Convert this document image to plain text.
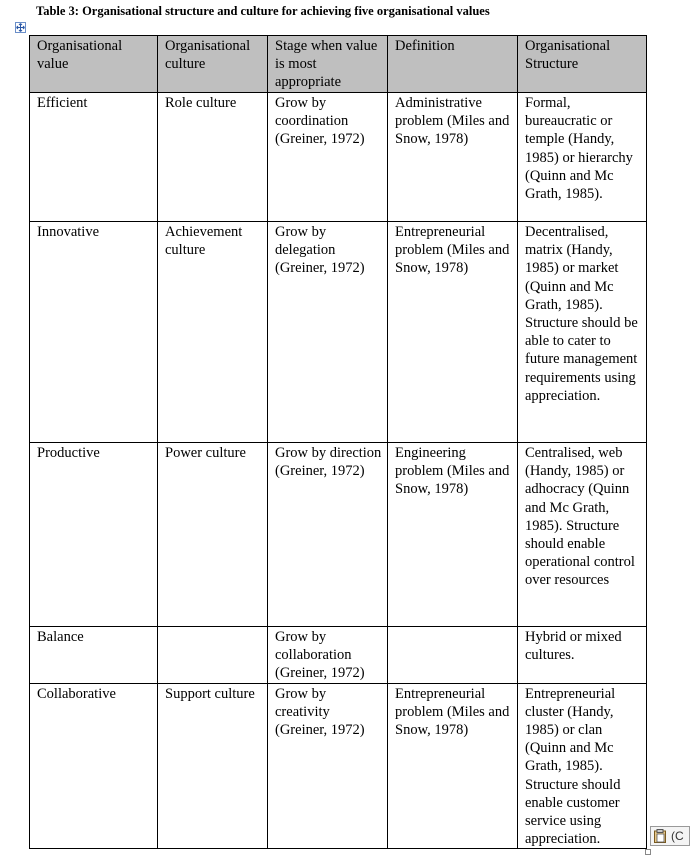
Table 3: Organisational structure and culture for achieving five organisational values
Organisational value	Organisational culture	Stage when value is most appropriate	Definition	Organisational Structure
Efficient	Role culture	Grow by coordination (Greiner, 1972)	Administrative problem (Miles and Snow, 1978)	Formal, bureaucratic or temple (Handy, 1985) or hierarchy (Quinn and Mc Grath, 1985).
Innovative	Achievement culture	Grow by delegation (Greiner, 1972)	Entrepreneurial problem (Miles and Snow, 1978)	Decentralised, matrix (Handy, 1985) or market (Quinn and Mc Grath, 1985). Structure should be able to cater to future management requirements using appreciation.
Productive	Power culture	Grow by direction (Greiner, 1972)	Engineering problem (Miles and Snow, 1978)	Centralised, web (Handy, 1985) or adhocracy (Quinn and Mc Grath, 1985). Structure should enable operational control over resources
Balance		Grow by collaboration (Greiner, 1972)		Hybrid or mixed cultures.
Collaborative	Support culture	Grow by creativity (Greiner, 1972)	Entrepreneurial problem (Miles and Snow, 1978)	Entrepreneurial cluster (Handy, 1985) or clan (Quinn and Mc Grath, 1985). Structure should enable customer service using appreciation.	(C
